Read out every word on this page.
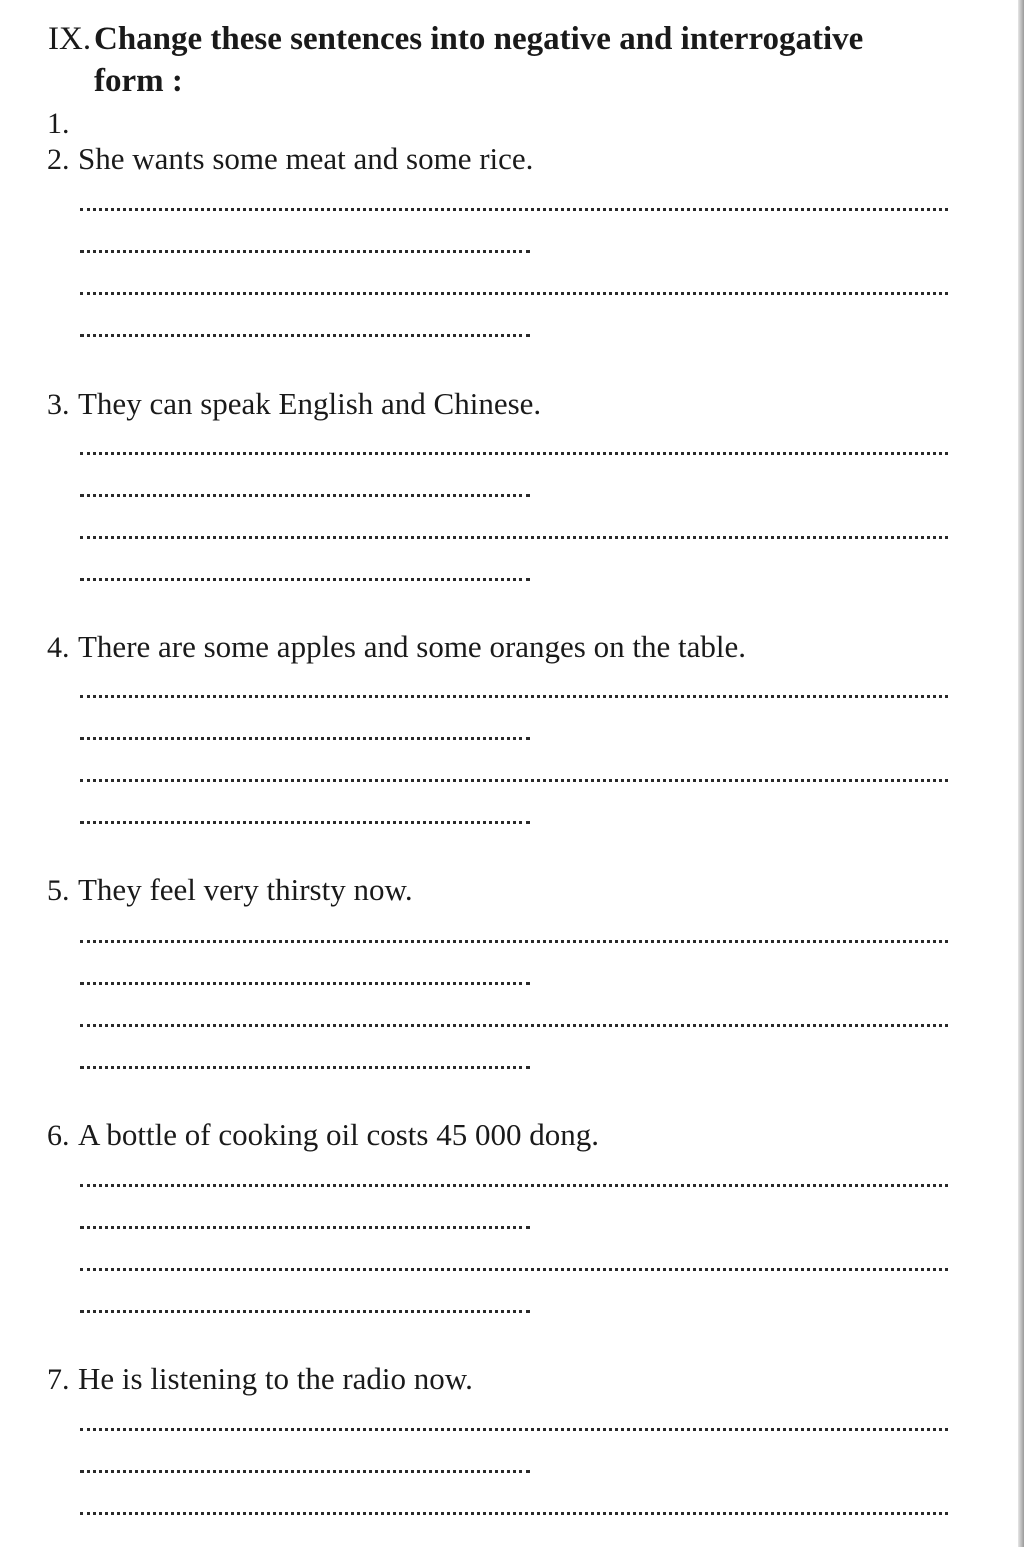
IX.Change these sentences into negative and interrogative
form :
1.
2. She wants some meat and some rice.
3. They can speak English and Chinese.
4. There are some apples and some oranges on the table.
5. They feel very thirsty now.
6. A bottle of cooking oil costs 45 000 dong.
7. He is listening to the radio now.
